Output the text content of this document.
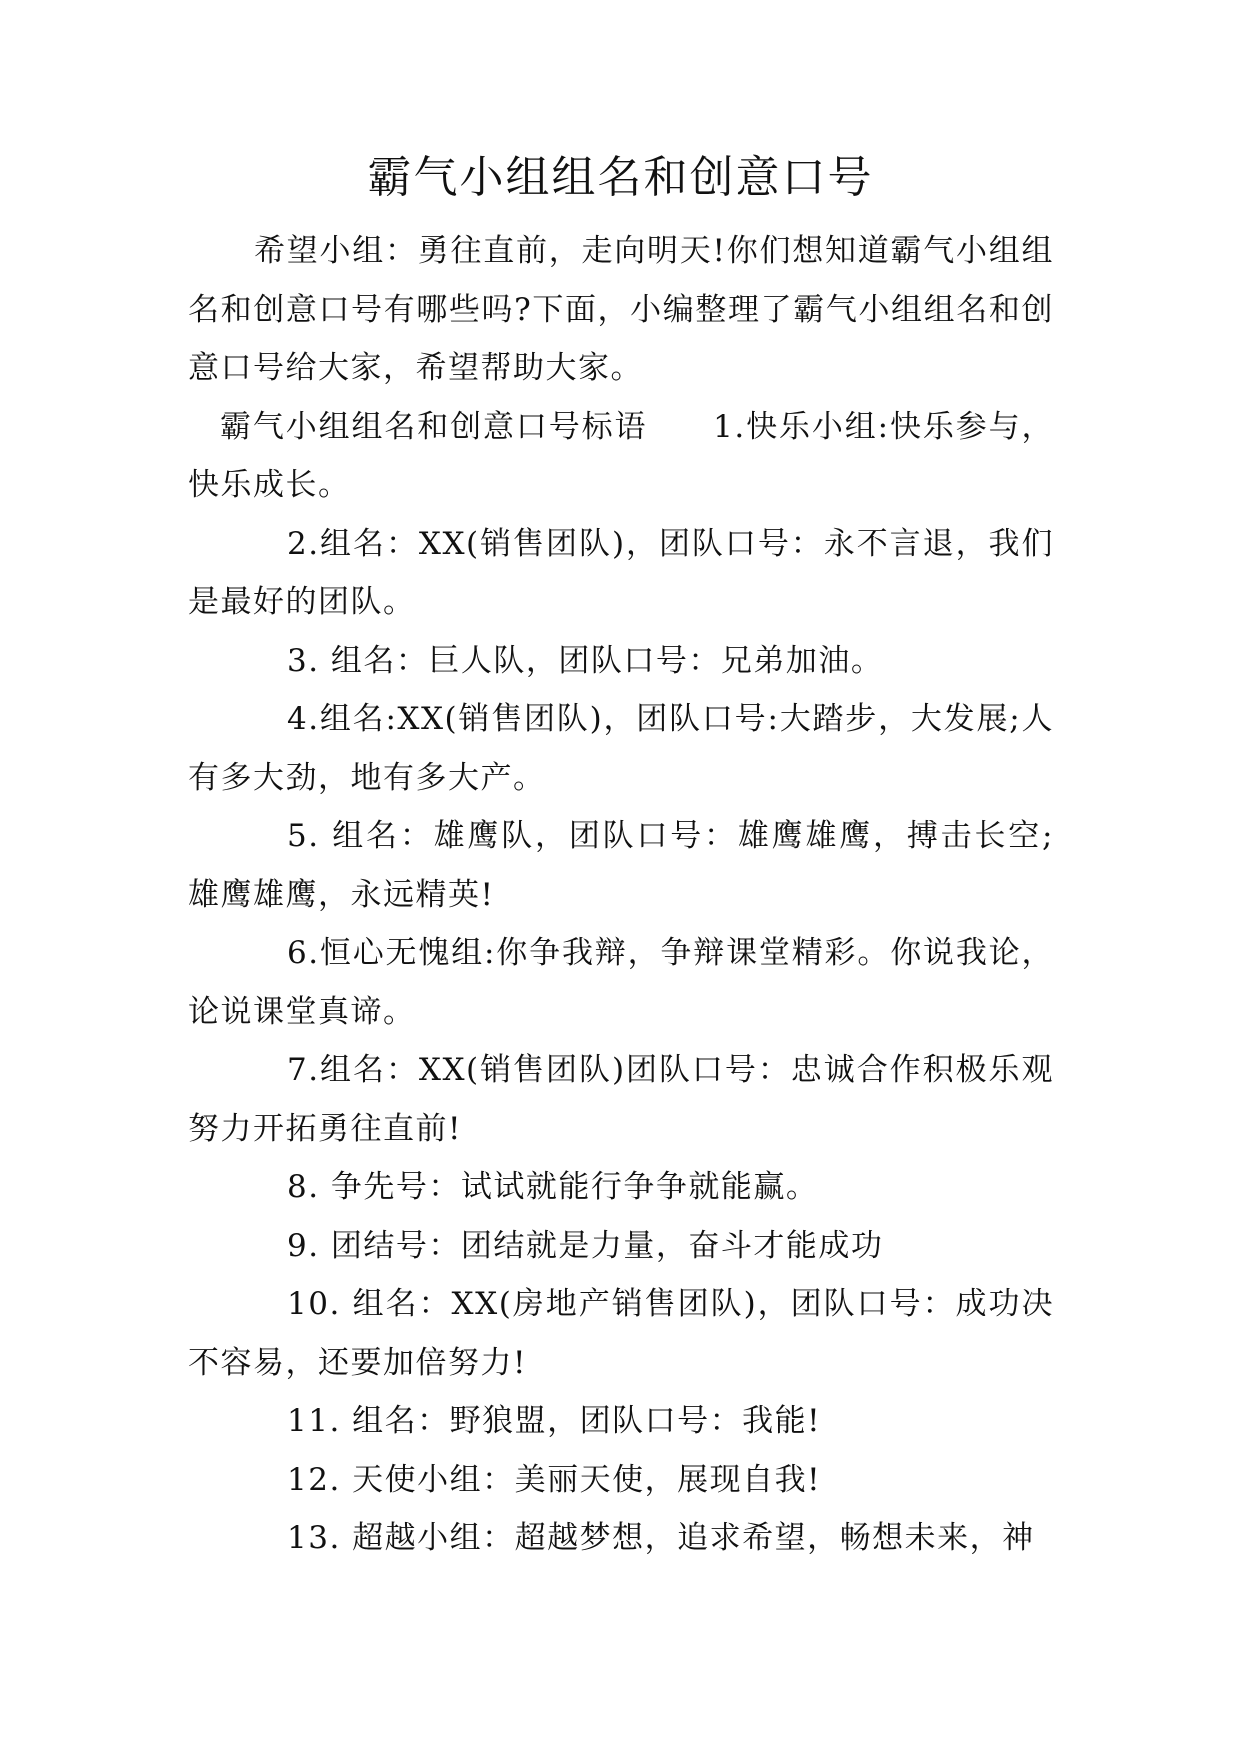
霸气小组组名和创意口号

希望小组：勇往直前，走向明天!你们想知道霸气小组组名和创意口号有哪些吗?下面，小编整理了霸气小组组名和创意口号给大家，希望帮助大家。

霸气小组组名和创意口号标语　　1.快乐小组:快乐参与，快乐成长。

2.组名：XX(销售团队)，团队口号：永不言退，我们是最好的团队。

3. 组名：巨人队，团队口号：兄弟加油。

4.组名:XX(销售团队)，团队口号:大踏步，大发展;人有多大劲，地有多大产。

5. 组名：雄鹰队，团队口号：雄鹰雄鹰，搏击长空;雄鹰雄鹰，永远精英!

6.恒心无愧组:你争我辩，争辩课堂精彩。你说我论，论说课堂真谛。

7.组名：XX(销售团队)团队口号：忠诚合作积极乐观努力开拓勇往直前!

8. 争先号：试试就能行争争就能赢。

9. 团结号：团结就是力量，奋斗才能成功

10. 组名：XX(房地产销售团队)，团队口号：成功决不容易，还要加倍努力!

11. 组名：野狼盟，团队口号：我能!

12. 天使小组：美丽天使，展现自我!

13. 超越小组：超越梦想，追求希望，畅想未来，神
